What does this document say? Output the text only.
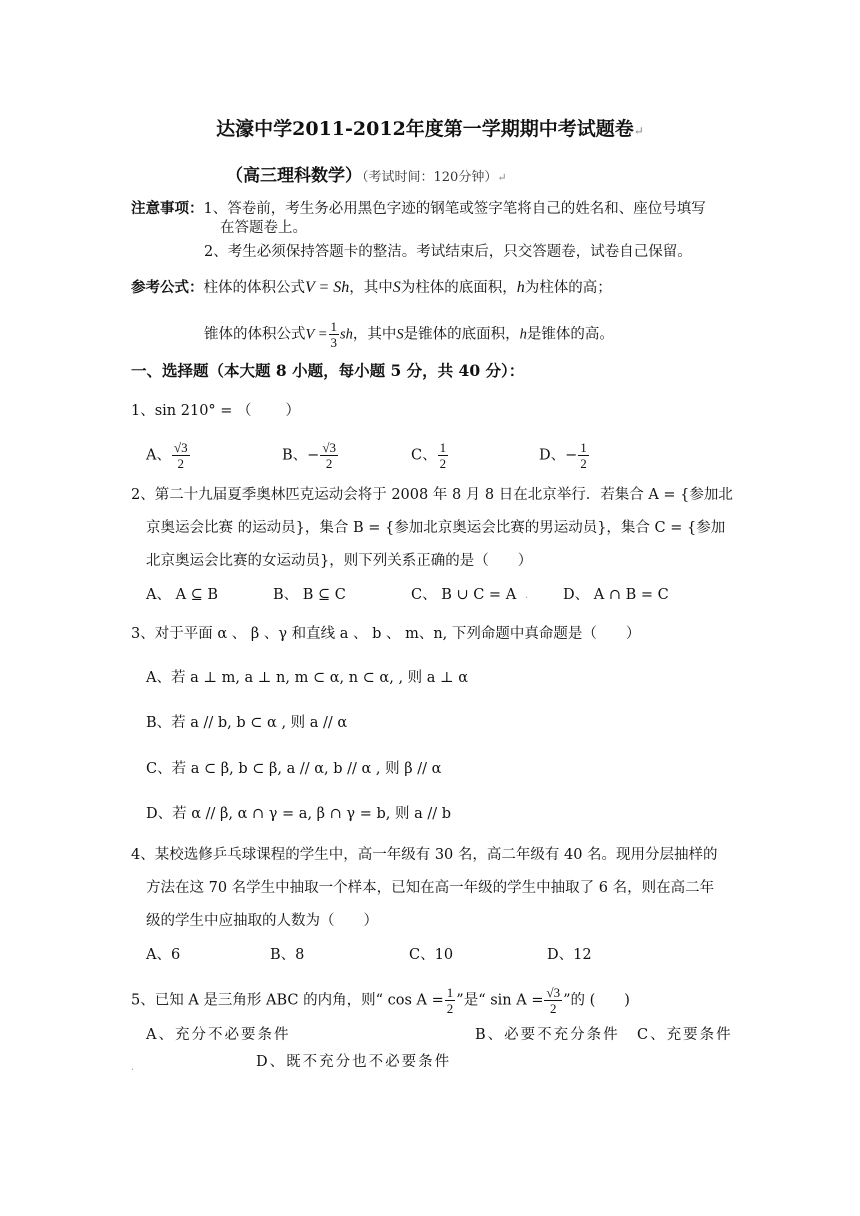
达濠中学2011-2012年度第一学期期中考试题卷↵
（高三理科数学）（考试时间：120分钟）↵
注意事项：1、答卷前，考生务必用黑色字迹的钢笔或签字笔将自己的姓名和、座位号填写
在答题卷上。
2、考生必须保持答题卡的整洁。考试结束后，只交答题卷，试卷自己保留。
参考公式：柱体的体积公式V = Sh，其中S为柱体的底面积，h为柱体的高；
锥体的体积公式$V = \frac{1}{3}$ sh，其中S是锥体的底面积，h是锥体的高。
一、选择题（本大题 8 小题，每小题 5 分，共 40 分）：
1、sin 210° = （ ）
A、 $\frac{√3}{2}$	B、− $\frac{√3}{2}$	C、 $\frac{1}{2}$	D、− $\frac{1}{2}$
2、第二十九届夏季奥林匹克运动会将于 2008 年 8 月 8 日在北京举行．若集合 A = {参加北
京奥运会比赛 的运动员}，集合 B = {参加北京奥运会比赛的男运动员}，集合 C = {参加
北京奥运会比赛的女运动员}，则下列关系正确的是（　　）
A、 A ⊆ B	B、 B ⊆ C	C、 B ∪ C = A . D、 A ∩ B = C
3、对于平面 α 、 β 、γ 和直线 a 、 b 、 m、n, 下列命题中真命题是（　　）
A、若 a ⊥ m, a ⊥ n, m ⊂ α, n ⊂ α, , 则 a ⊥ α
B、若 a // b, b ⊂ α , 则 a // α
C、若 a ⊂ β, b ⊂ β, a // α, b // α , 则 β // α
D、若 α // β, α ∩ γ = a, β ∩ γ = b, 则 a // b
4、某校选修乒乓球课程的学生中，高一年级有 30 名，高二年级有 40 名。现用分层抽样的
方法在这 70 名学生中抽取一个样本，已知在高一年级的学生中抽取了 6 名，则在高二年
级的学生中应抽取的人数为（　　）
A、6	B、8	C、10	D、12
5、已知 A 是三角形 ABC 的内角，则“ $\cos A = \frac{1}{2}$ ”是“ $\sin A = \frac{√3}{2}$ ”的 (　　)
A、充分不必要条件	B、必要不充分条件 C、充要条件
.	D、既不充分也不必要条件
